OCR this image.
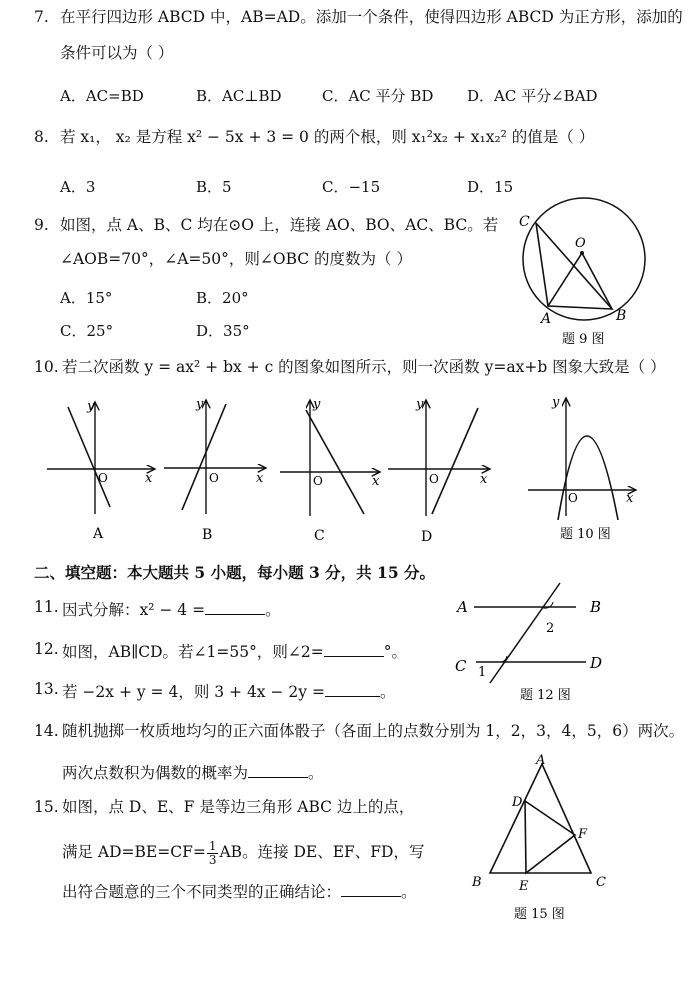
7. 在平行四边形 ABCD 中，AB=AD。添加一个条件，使得四边形 ABCD 为正方形，添加的
条件可以为（ ）
A．AC=BD	B．AC⊥BD	C．AC 平分 BD D．AC 平分∠BAD
8. 若 x₁， x₂ 是方程 x² − 5x + 3 = 0 的两个根，则 x₁²x₂ + x₁x₂² 的值是（ ）
A．3	B．5	C．−15	D．15
9. 如图，点 A、B、C 均在⊙O 上，连接 AO、BO、AC、BC。若
∠AOB=70°，∠A=50°，则∠OBC 的度数为（ ）
A．15°	B．20°
C．25°	D．35°
C
O
A	B
题 9 图
10. 若二次函数 y = ax² + bx + c 的图象如图所示，则一次函数 y=ax+b 图象大致是（ ）
y
x
O
A
y
x
O
B
y
x
O
C
y
x
O
D
y
x
O
题 10 图
二、填空题：本大题共 5 小题，每小题 3 分，共 15 分。
11. 因式分解：x² − 4 =	。
12. 如图，AB∥CD。若∠1=55°，则∠2=	°。
A	B
C	D
1
2
题 12 图
13. 若 −2x + y = 4，则 3 + 4x − 2y =	。
14. 随机抛掷一枚质地均匀的正六面体骰子（各面上的点数分别为 1，2，3，4，5，6）两次。
两次点数积为偶数的概率为	。
15. 如图，点 D、E、F 是等边三角形 ABC 边上的点，
满足 $AD=BE=CF= \frac{1}{3}$ AB。连接 DE、EF、FD，写
出符合题意的三个不同类型的正确结论：	。
A
D
F
B	E	C
题 15 图
